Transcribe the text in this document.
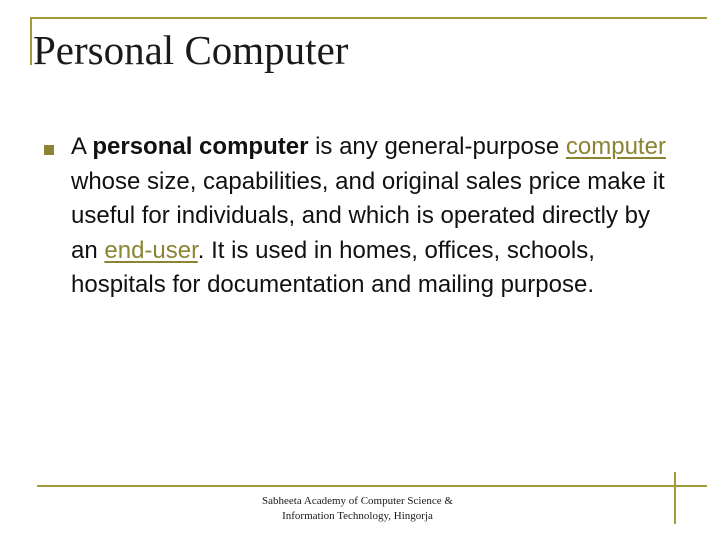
Personal Computer

A personal computer is any general-purpose computer whose size, capabilities, and original sales price make it useful for individuals, and which is operated directly by an end-user. It is used in homes, offices, schools, hospitals for documentation and mailing purpose.

Sabheeta Academy of Computer Science &
Information Technology, Hingorja
